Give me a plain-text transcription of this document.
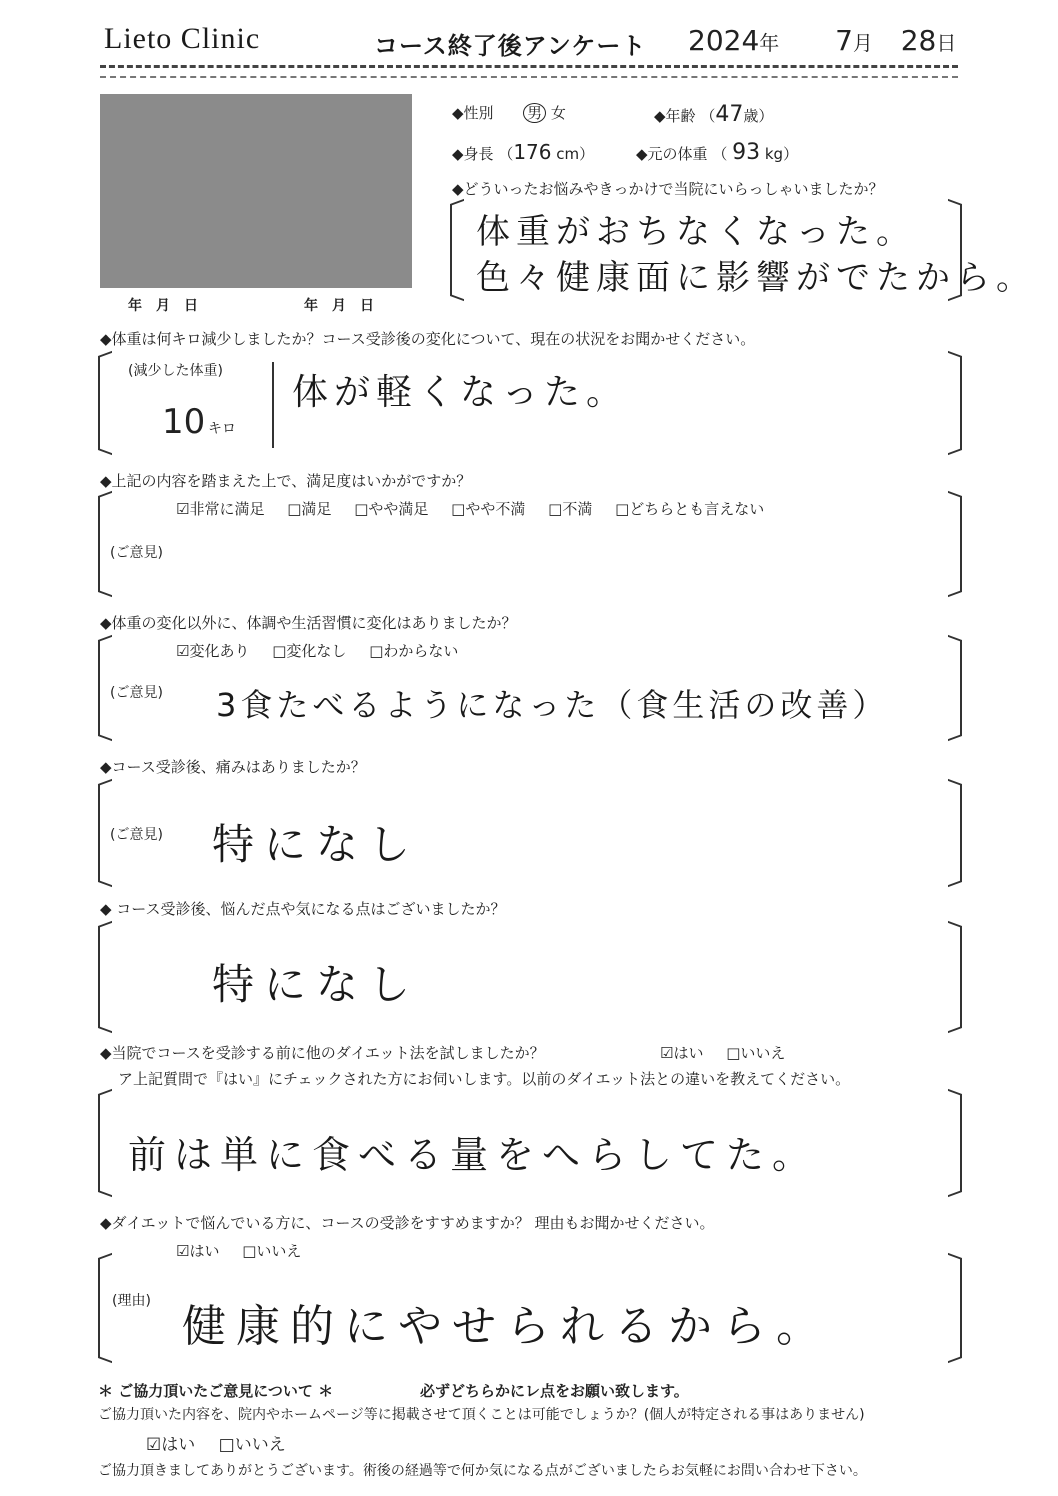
Lieto Clinic	コース終了後アンケート 2024年 7月 28日
年　月　日	年　月　日
◆性別 男 女	◆年齢 （47歳）
◆身長 （176 cm）	◆元の体重 （ 93 kg）
◆どういったお悩みやきっかけで当院にいらっしゃいましたか？
体重がおちなくなった。
色々健康面に影響がでたから。
◆体重は何キロ減少しましたか？コース受診後の変化について、現在の状況をお聞かせください。
(減少した体重)
10 キロ
体が軽くなった。
◆上記の内容を踏まえた上で、満足度はいかがですか？
☑非常に満足 □満足 □やや満足 □やや不満 □不満 □どちらとも言えない
(ご意見)
◆体重の変化以外に、体調や生活習慣に変化はありましたか？
☑変化あり □変化なし □わからない
(ご意見) 3食たべるようになった（食生活の改善）
◆コース受診後、痛みはありましたか？
(ご意見) 特になし
◆ コース受診後、悩んだ点や気になる点はございましたか？
特になし
◆当院でコースを受診する前に他のダイエット法を試しましたか？	☑はい □いいえ
ア上記質問で『はい』にチェックされた方にお伺いします。以前のダイエット法との違いを教えてください。
前は単に食べる量をへらしてた。
◆ダイエットで悩んでいる方に、コースの受診をすすめますか？ 理由もお聞かせください。
☑はい □いいえ
(理由) 健康的にやせられるから。
＊ ご協力頂いたご意見について ＊	必ずどちらかにレ点をお願い致します。
ご協力頂いた内容を、院内やホームページ等に掲載させて頂くことは可能でしょうか？(個人が特定される事はありません)
☑はい □いいえ
ご協力頂きましてありがとうございます。術後の経過等で何か気になる点がございましたらお気軽にお問い合わせ下さい。
